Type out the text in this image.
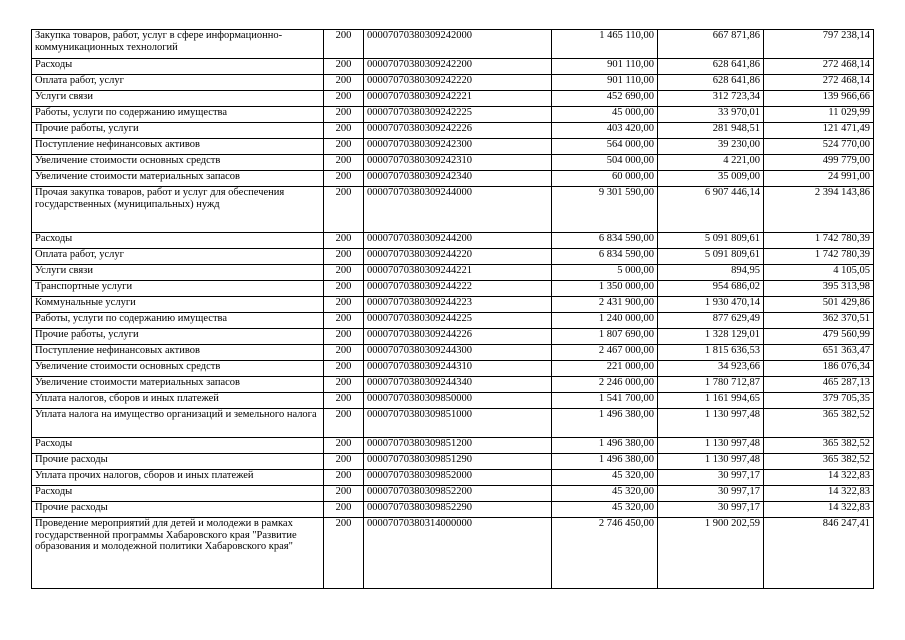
Закупка товаров, работ, услуг в сфере информационно-коммуникационных технологий	200	00007070380309242000	1 465 110,00	667 871,86	797 238,14
Расходы	200	00007070380309242200	901 110,00	628 641,86	272 468,14
Оплата работ, услуг	200	00007070380309242220	901 110,00	628 641,86	272 468,14
Услуги связи	200	00007070380309242221	452 690,00	312 723,34	139 966,66
Работы, услуги по содержанию имущества	200	00007070380309242225	45 000,00	33 970,01	11 029,99
Прочие работы, услуги	200	00007070380309242226	403 420,00	281 948,51	121 471,49
Поступление нефинансовых активов	200	00007070380309242300	564 000,00	39 230,00	524 770,00
Увеличение стоимости основных средств	200	00007070380309242310	504 000,00	4 221,00	499 779,00
Увеличение стоимости материальных запасов	200	00007070380309242340	60 000,00	35 009,00	24 991,00
Прочая закупка товаров, работ и услуг для обеспечения государственных (муниципальных) нужд	200	00007070380309244000	9 301 590,00	6 907 446,14	2 394 143,86
Расходы	200	00007070380309244200	6 834 590,00	5 091 809,61	1 742 780,39
Оплата работ, услуг	200	00007070380309244220	6 834 590,00	5 091 809,61	1 742 780,39
Услуги связи	200	00007070380309244221	5 000,00	894,95	4 105,05
Транспортные услуги	200	00007070380309244222	1 350 000,00	954 686,02	395 313,98
Коммунальные услуги	200	00007070380309244223	2 431 900,00	1 930 470,14	501 429,86
Работы, услуги по содержанию имущества	200	00007070380309244225	1 240 000,00	877 629,49	362 370,51
Прочие работы, услуги	200	00007070380309244226	1 807 690,00	1 328 129,01	479 560,99
Поступление нефинансовых активов	200	00007070380309244300	2 467 000,00	1 815 636,53	651 363,47
Увеличение стоимости основных средств	200	00007070380309244310	221 000,00	34 923,66	186 076,34
Увеличение стоимости материальных запасов	200	00007070380309244340	2 246 000,00	1 780 712,87	465 287,13
Уплата налогов, сборов и иных платежей	200	00007070380309850000	1 541 700,00	1 161 994,65	379 705,35
Уплата налога на имущество организаций и земельного налога	200	00007070380309851000	1 496 380,00	1 130 997,48	365 382,52
Расходы	200	00007070380309851200	1 496 380,00	1 130 997,48	365 382,52
Прочие расходы	200	00007070380309851290	1 496 380,00	1 130 997,48	365 382,52
Уплата прочих налогов, сборов и иных платежей	200	00007070380309852000	45 320,00	30 997,17	14 322,83
Расходы	200	00007070380309852200	45 320,00	30 997,17	14 322,83
Прочие расходы	200	00007070380309852290	45 320,00	30 997,17	14 322,83
Проведение мероприятий для детей и молодежи в рамках государственной программы Хабаровского края "Развитие образования и молодежной политики Хабаровского края"	200	00007070380314000000	2 746 450,00	1 900 202,59	846 247,41
